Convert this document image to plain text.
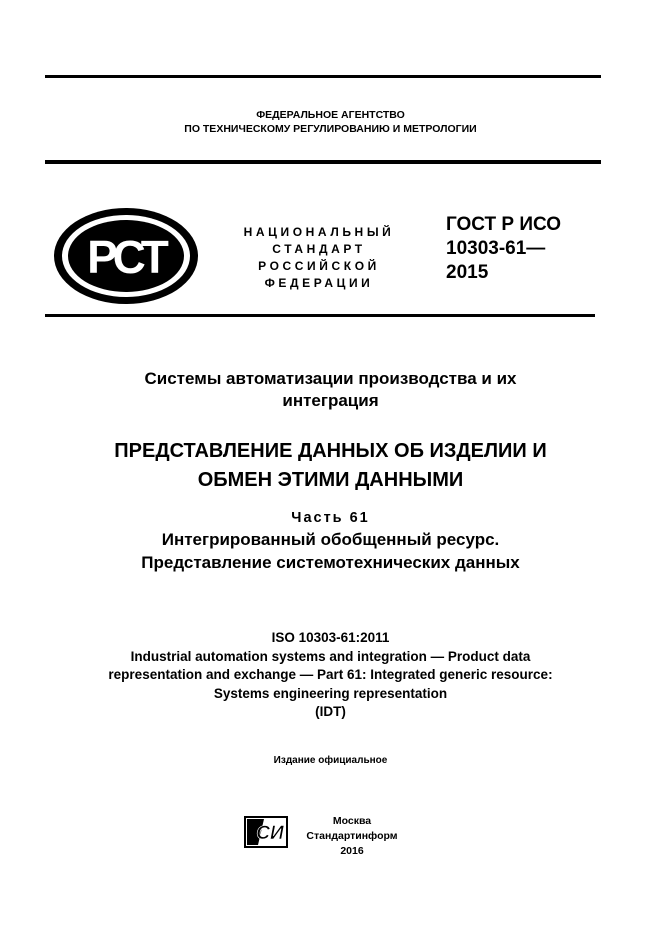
ФЕДЕРАЛЬНОЕ АГЕНТСТВО
ПО ТЕХНИЧЕСКОМУ РЕГУЛИРОВАНИЮ И МЕТРОЛОГИИ
РСТ	НАЦИОНАЛЬНЫЙ
СТАНДАРТ
РОССИЙСКОЙ
ФЕДЕРАЦИИ
ГОСТ Р ИСО
10303-61—
2015
Системы автоматизации производства и их
интеграция
ПРЕДСТАВЛЕНИЕ ДАННЫХ ОБ ИЗДЕЛИИ И
ОБМЕН ЭТИМИ ДАННЫМИ
Часть 61
Интегрированный обобщенный ресурс.
Представление системотехнических данных
ISO 10303-61:2011
Industrial automation systems and integration — Product data
representation and exchange — Part 61: Integrated generic resource:
Systems engineering representation
(IDT)
Издание официальное
СИ
Москва
Стандартинформ
2016
